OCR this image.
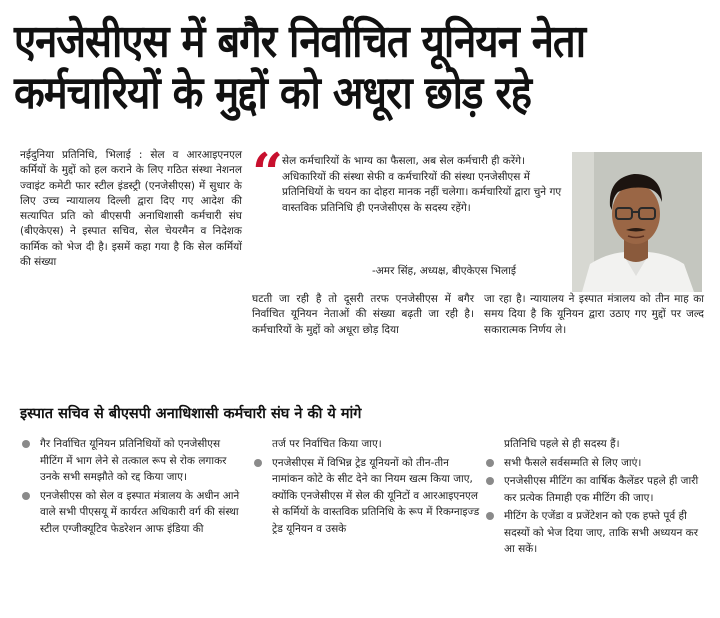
एनजेसीएस में बगैर निर्वाचित यूनियन नेता
कर्मचारियों के मुद्दों को अधूरा छोड़ रहे
नईदुनिया प्रतिनिधि, भिलाई : सेल व आरआइएनएल कर्मियों के मुद्दों को हल कराने के लिए गठित संस्था नेशनल ज्वाइंट कमेटी फार स्टील इंडस्ट्री (एनजेसीएस) में सुधार के लिए उच्च न्यायालय दिल्ली द्वारा दिए गए आदेश की सत्यापित प्रति को बीएसपी अनाधिशासी कर्मचारी संघ (बीएकेएस) ने इस्पात सचिव, सेल चेयरमैन व निदेशक कार्मिक को भेज दी है। इसमें कहा गया है कि सेल कर्मियों की संख्या
“
सेल कर्मचारियों के भाग्य का फैसला, अब सेल कर्मचारी ही करेंगे। अधिकारियों की संस्था सेफी व कर्मचारियों की संस्था एनजेसीएस में प्रतिनिधियों के चयन का दोहरा मानक नहीं चलेगा। कर्मचारियों द्वारा चुने गए वास्तविक प्रतिनिधि ही एनजेसीएस के सदस्य रहेंगे।
-अमर सिंह, अध्यक्ष, बीएकेएस भिलाई
घटती जा रही है तो दूसरी तरफ एनजेसीएस में बगैर निर्वाचित यूनियन नेताओं की संख्या बढ़ती जा रही है। कर्मचारियों के मुद्दों को अधूरा छोड़ दिया
जा रहा है। न्यायालय ने इस्पात मंत्रालय को तीन माह का समय दिया है कि यूनियन द्वारा उठाए गए मुद्दों पर जल्द सकारात्मक निर्णय ले।
इस्पात सचिव से बीएसपी अनाधिशासी कर्मचारी संघ ने की ये मांगे
गैर निर्वाचित यूनियन प्रतिनिधियों को एनजेसीएस मीटिंग में भाग लेने से तत्काल रूप से रोक लगाकर उनके सभी समझौते को रद्द किया जाए।
एनजेसीएस को सेल व इस्पात मंत्रालय के अधीन आने वाले सभी पीएसयू में कार्यरत अधिकारी वर्ग की संस्था स्टील एग्जीक्यूटिव फेडरेशन आफ इंडिया की
तर्ज पर निर्वाचित किया जाए।
एनजेसीएस में विभिन्न ट्रेड यूनियनों को तीन-तीन नामांकन कोटे के सीट देने का नियम खत्म किया जाए, क्योंकि एनजेसीएस में सेल की यूनिटों व आरआइएनएल से कर्मियों के वास्तविक प्रतिनिधि के रूप में रिकग्नाइज्ड ट्रेड यूनियन व उसके
प्रतिनिधि पहले से ही सदस्य हैं।
सभी फैसले सर्वसम्मति से लिए जाएं।
एनजेसीएस मीटिंग का वार्षिक कैलेंडर पहले ही जारी कर प्रत्येक तिमाही एक मीटिंग की जाए।
मीटिंग के एजेंडा व प्रजेंटेशन को एक हफ्ते पूर्व ही सदस्यों को भेज दिया जाए, ताकि सभी अध्ययन कर आ सकें।
